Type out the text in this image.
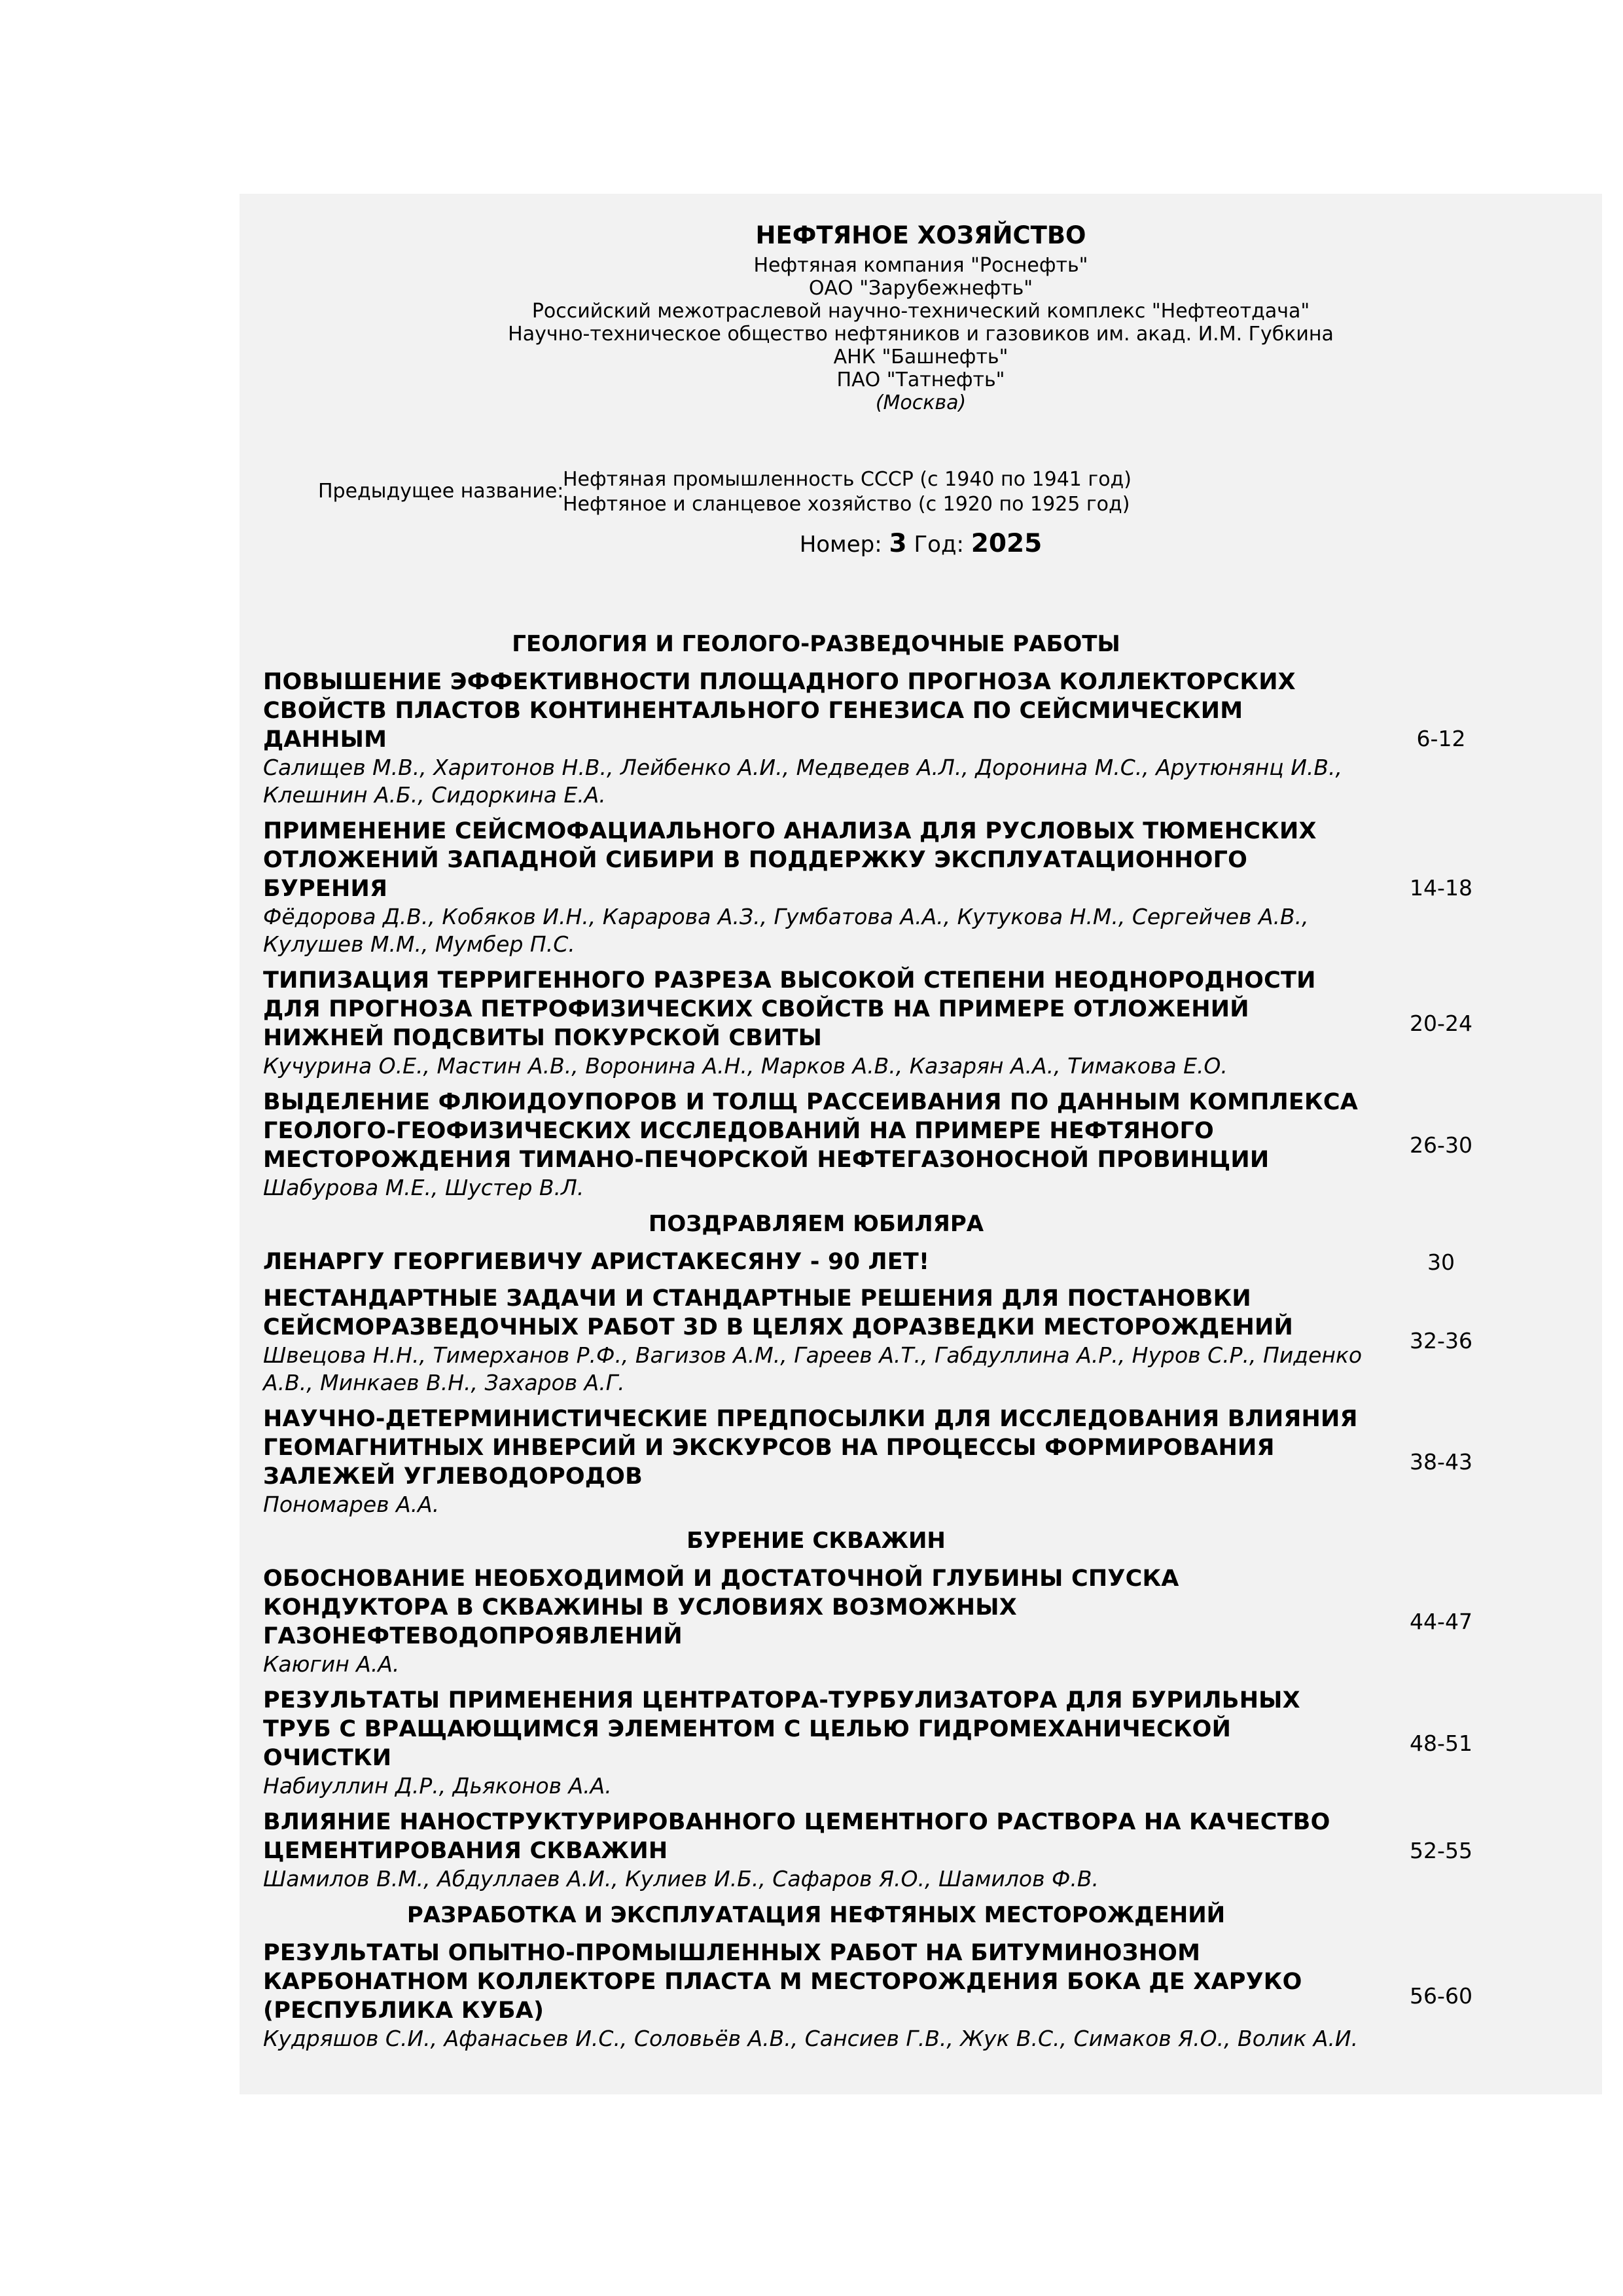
НЕФТЯНОЕ ХОЗЯЙСТВО
Нефтяная компания "Роснефть"
ОАО "Зарубежнефть"
Российский межотраслевой научно-технический комплекс "Нефтеотдача"
Научно-техническое общество нефтяников и газовиков им. акад. И.М. Губкина
АНК "Башнефть"
ПАО "Татнефть"
(Москва)
Предыдущее название:
Нефтяная промышленность СССР (с 1940 по 1941 год)
Нефтяное и сланцевое хозяйство (с 1920 по 1925 год)
Номер: 3 Год: 2025
ГЕОЛОГИЯ И ГЕОЛОГО-РАЗВЕДОЧНЫЕ РАБОТЫ
ПОВЫШЕНИЕ ЭФФЕКТИВНОСТИ ПЛОЩАДНОГО ПРОГНОЗА КОЛЛЕКТОРСКИХ СВОЙСТВ ПЛАСТОВ КОНТИНЕНТАЛЬНОГО ГЕНЕЗИСА ПО СЕЙСМИЧЕСКИМ ДАННЫМ
Салищев М.В., Харитонов Н.В., Лейбенко А.И., Медведев А.Л., Доронина М.С., Арутюнянц И.В., Клешнин А.Б., Сидоркина Е.А.
6-12
ПРИМЕНЕНИЕ СЕЙСМОФАЦИАЛЬНОГО АНАЛИЗА ДЛЯ РУСЛОВЫХ ТЮМЕНСКИХ ОТЛОЖЕНИЙ ЗАПАДНОЙ СИБИРИ В ПОДДЕРЖКУ ЭКСПЛУАТАЦИОННОГО БУРЕНИЯ
Фёдорова Д.В., Кобяков И.Н., Караровa А.З., Гумбатова А.А., Кутукова Н.М., Сергейчев А.В., Кулушев М.М., Мумбер П.С.
14-18
ТИПИЗАЦИЯ ТЕРРИГЕННОГО РАЗРЕЗА ВЫСОКОЙ СТЕПЕНИ НЕОДНОРОДНОСТИ ДЛЯ ПРОГНОЗА ПЕТРОФИЗИЧЕСКИХ СВОЙСТВ НА ПРИМЕРЕ ОТЛОЖЕНИЙ НИЖНЕЙ ПОДСВИТЫ ПОКУРСКОЙ СВИТЫ
Кучурина О.Е., Мастин А.В., Воронина А.Н., Марков А.В., Казарян А.А., Тимакова Е.О.
20-24
ВЫДЕЛЕНИЕ ФЛЮИДОУПОРОВ И ТОЛЩ РАССЕИВАНИЯ ПО ДАННЫМ КОМПЛЕКСА ГЕОЛОГО-ГЕОФИЗИЧЕСКИХ ИССЛЕДОВАНИЙ НА ПРИМЕРЕ НЕФТЯНОГО МЕСТОРОЖДЕНИЯ ТИМАНО-ПЕЧОРСКОЙ НЕФТЕГАЗОНОСНОЙ ПРОВИНЦИИ
Шабурова М.Е., Шустер В.Л.
26-30
ПОЗДРАВЛЯЕМ ЮБИЛЯРА
ЛЕНАРГУ ГЕОРГИЕВИЧУ АРИСТАКЕСЯНУ - 90 ЛЕТ!	30
НЕСТАНДАРТНЫЕ ЗАДАЧИ И СТАНДАРТНЫЕ РЕШЕНИЯ ДЛЯ ПОСТАНОВКИ СЕЙСМОРАЗВЕДОЧНЫХ РАБОТ 3D В ЦЕЛЯХ ДОРАЗВЕДКИ МЕСТОРОЖДЕНИЙ
Швецова Н.Н., Тимерханов Р.Ф., Вагизов А.М., Гареев А.Т., Габдуллина А.Р., Нуров С.Р., Пиденко А.В., Минкаев В.Н., Захаров А.Г.
32-36
НАУЧНО-ДЕТЕРМИНИСТИЧЕСКИЕ ПРЕДПОСЫЛКИ ДЛЯ ИССЛЕДОВАНИЯ ВЛИЯНИЯ ГЕОМАГНИТНЫХ ИНВЕРСИЙ И ЭКСКУРСОВ НА ПРОЦЕССЫ ФОРМИРОВАНИЯ ЗАЛЕЖЕЙ УГЛЕВОДОРОДОВ
Пономарев А.А.
38-43
БУРЕНИЕ СКВАЖИН
ОБОСНОВАНИЕ НЕОБХОДИМОЙ И ДОСТАТОЧНОЙ ГЛУБИНЫ СПУСКА КОНДУКТОРА В СКВАЖИНЫ В УСЛОВИЯХ ВОЗМОЖНЫХ ГАЗОНЕФТЕВОДОПРОЯВЛЕНИЙ
Каюгин А.А.
44-47
РЕЗУЛЬТАТЫ ПРИМЕНЕНИЯ ЦЕНТРАТОРА-ТУРБУЛИЗАТОРА ДЛЯ БУРИЛЬНЫХ ТРУБ С ВРАЩАЮЩИМСЯ ЭЛЕМЕНТОМ С ЦЕЛЬЮ ГИДРОМЕХАНИЧЕСКОЙ ОЧИСТКИ
Набиуллин Д.Р., Дьяконов А.А.
48-51
ВЛИЯНИЕ НАНОСТРУКТУРИРОВАННОГО ЦЕМЕНТНОГО РАСТВОРА НА КАЧЕСТВО ЦЕМЕНТИРОВАНИЯ СКВАЖИН
Шамилов В.М., Абдуллаев А.И., Кулиев И.Б., Сафаров Я.О., Шамилов Ф.В.
52-55
РАЗРАБОТКА И ЭКСПЛУАТАЦИЯ НЕФТЯНЫХ МЕСТОРОЖДЕНИЙ
РЕЗУЛЬТАТЫ ОПЫТНО-ПРОМЫШЛЕННЫХ РАБОТ НА БИТУМИНОЗНОМ КАРБОНАТНОМ КОЛЛЕКТОРЕ ПЛАСТА М МЕСТОРОЖДЕНИЯ БОКА ДЕ ХАРУКО (РЕСПУБЛИКА КУБА)
Кудряшов С.И., Афанасьев И.С., Соловьёв А.В., Сансиев Г.В., Жук В.С., Симаков Я.О., Волик А.И.
56-60
